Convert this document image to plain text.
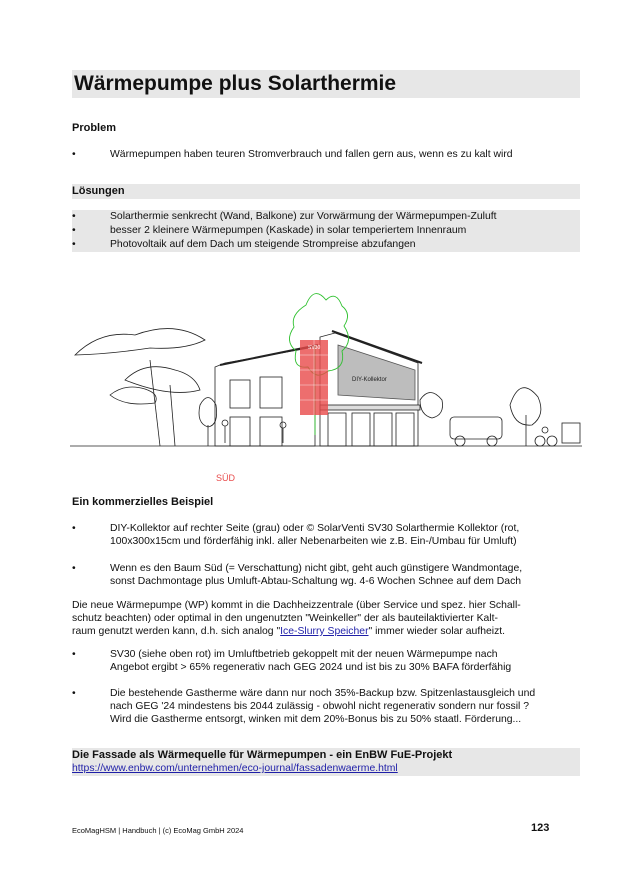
Wärmepumpe plus Solarthermie
Problem
•	Wärmepumpen haben teuren Stromverbrauch und fallen gern aus, wenn es zu kalt wird
Lösungen
•	Solarthermie senkrecht (Wand, Balkone) zur Vorwärmung der Wärmepumpen-Zuluft
•	besser 2 kleinere Wärmepumpen (Kaskade) in solar temperiertem Innenraum
•	Photovoltaik auf dem Dach um steigende Strompreise abzufangen
SV30
DIY-Kollektor
SÜD
Ein kommerzielles Beispiel
•	DIY-Kollektor auf rechter Seite (grau) oder © SolarVenti SV30 Solarthermie Kollektor (rot,
100x300x15cm und förderfähig inkl. aller Nebenarbeiten wie z.B. Ein-/Umbau für Umluft)
•	Wenn es den Baum Süd (= Verschattung) nicht gibt, geht auch günstigere Wandmontage,
sonst Dachmontage plus Umluft-Abtau-Schaltung wg. 4-6 Wochen Schnee auf dem Dach
Die neue Wärmepumpe (WP) kommt in die Dachheizzentrale (über Service und spez. hier Schall-
schutz beachten) oder optimal in den ungenutzten "Weinkeller" der als bauteilaktivierter Kalt-
raum genutzt werden kann, d.h. sich analog "Ice-Slurry Speicher" immer wieder solar aufheizt.
•	SV30 (siehe oben rot) im Umluftbetrieb gekoppelt mit der neuen Wärmepumpe nach
Angebot ergibt > 65% regenerativ nach GEG 2024 und ist bis zu 30% BAFA förderfähig
•	Die bestehende Gastherme wäre dann nur noch 35%-Backup bzw. Spitzenlastausgleich und
nach GEG '24 mindestens bis 2044 zulässig - obwohl nicht regenerativ sondern nur fossil ?
Wird die Gastherme entsorgt, winken mit dem 20%-Bonus bis zu 50% staatl. Förderung...
Die Fassade als Wärmequelle für Wärmepumpen - ein EnBW FuE-Projekt
https://www.enbw.com/unternehmen/eco-journal/fassadenwaerme.html
EcoMagHSM | Handbuch | (c) EcoMag GmbH 2024	123
